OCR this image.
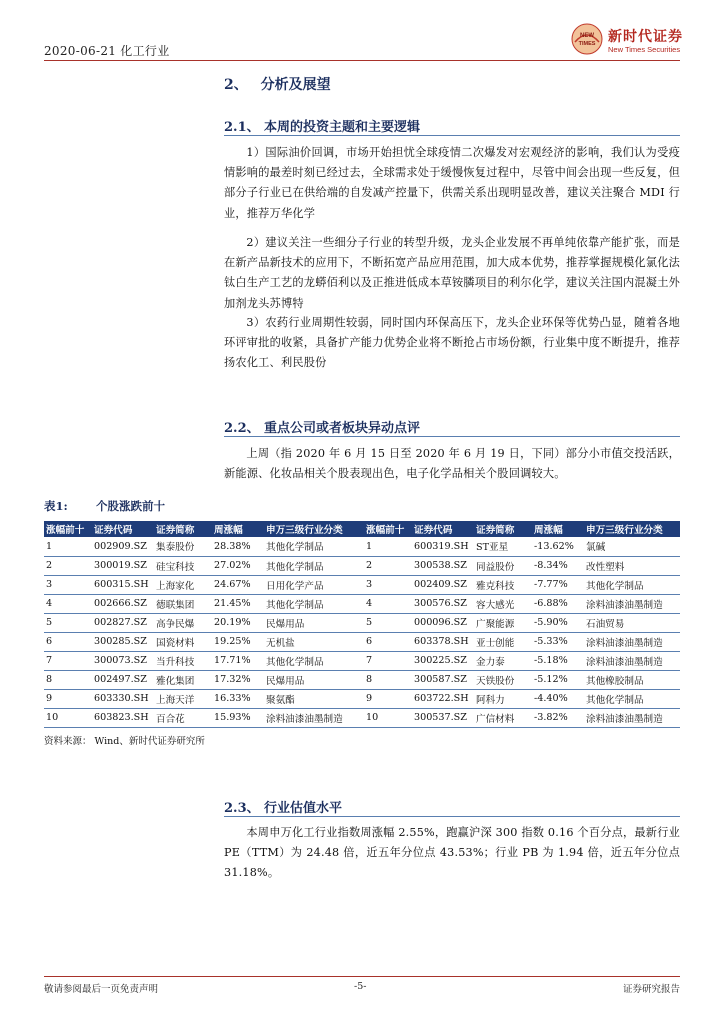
2020-06-21 化工行业
NEW
TIMES 新时代证券
New Times Securities
2、 分析及展望
2.1、 本周的投资主题和主要逻辑

1）国际油价回调，市场开始担忧全球疫情二次爆发对宏观经济的影响，我们认为受疫情影响的最差时刻已经过去，全球需求处于缓慢恢复过程中，尽管中间会出现一些反复，但部分子行业已在供给端的自发减产控量下，供需关系出现明显改善，建议关注聚合 MDI 行业，推荐万华化学

2）建议关注一些细分子行业的转型升级，龙头企业发展不再单纯依靠产能扩张，而是在新产品新技术的应用下，不断拓宽产品应用范围，加大成本优势，推荐掌握规模化氯化法钛白生产工艺的龙蟒佰利以及正推进低成本草铵膦项目的利尔化学，建议关注国内混凝土外加剂龙头苏博特

3）农药行业周期性较弱，同时国内环保高压下，龙头企业环保等优势凸显，随着各地环评审批的收紧，具备扩产能力优势企业将不断抢占市场份额，行业集中度不断提升，推荐扬农化工、利民股份

2.2、 重点公司或者板块异动点评

上周（指 2020 年 6 月 15 日至 2020 年 6 月 19 日，下同）部分小市值交投活跃，新能源、化妆品相关个股表现出色，电子化学品相关个股回调较大。

表1: 个股涨跌前十
涨幅前十	证券代码	证券简称	周涨幅	申万三级行业分类	涨幅前十	证券代码	证券简称	周涨幅	申万三级行业分类
1	002909.SZ	集泰股份	28.38%	其他化学制品	1	600319.SH	ST亚星	-13.62%	氯碱
2	300019.SZ	硅宝科技	27.02%	其他化学制品	2	300538.SZ	同益股份	-8.34%	改性塑料
3	600315.SH	上海家化	24.67%	日用化学产品	3	002409.SZ	雅克科技	-7.77%	其他化学制品
4	002666.SZ	德联集团	21.45%	其他化学制品	4	300576.SZ	容大感光	-6.88%	涂料油漆油墨制造
5	002827.SZ	高争民爆	20.19%	民爆用品	5	000096.SZ	广聚能源	-5.90%	石油贸易
6	300285.SZ	国瓷材料	19.25%	无机盐	6	603378.SH	亚士创能	-5.33%	涂料油漆油墨制造
7	300073.SZ	当升科技	17.71%	其他化学制品	7	300225.SZ	金力泰	-5.18%	涂料油漆油墨制造
8	002497.SZ	雅化集团	17.32%	民爆用品	8	300587.SZ	天铁股份	-5.12%	其他橡胶制品
9	603330.SH	上海天洋	16.33%	聚氨酯	9	603722.SH	阿科力	-4.40%	其他化学制品
10	603823.SH	百合花	15.93%	涂料油漆油墨制造	10	300537.SZ	广信材料	-3.82%	涂料油漆油墨制造
资料来源： Wind、新时代证券研究所
2.3、 行业估值水平

本周申万化工行业指数周涨幅 2.55%，跑赢沪深 300 指数 0.16 个百分点，最新行业 PE（TTM）为 24.48 倍，近五年分位点 43.53%；行业 PB 为 1.94 倍，近五年分位点 31.18%。

敬请参阅最后一页免责声明	-5-	证券研究报告
